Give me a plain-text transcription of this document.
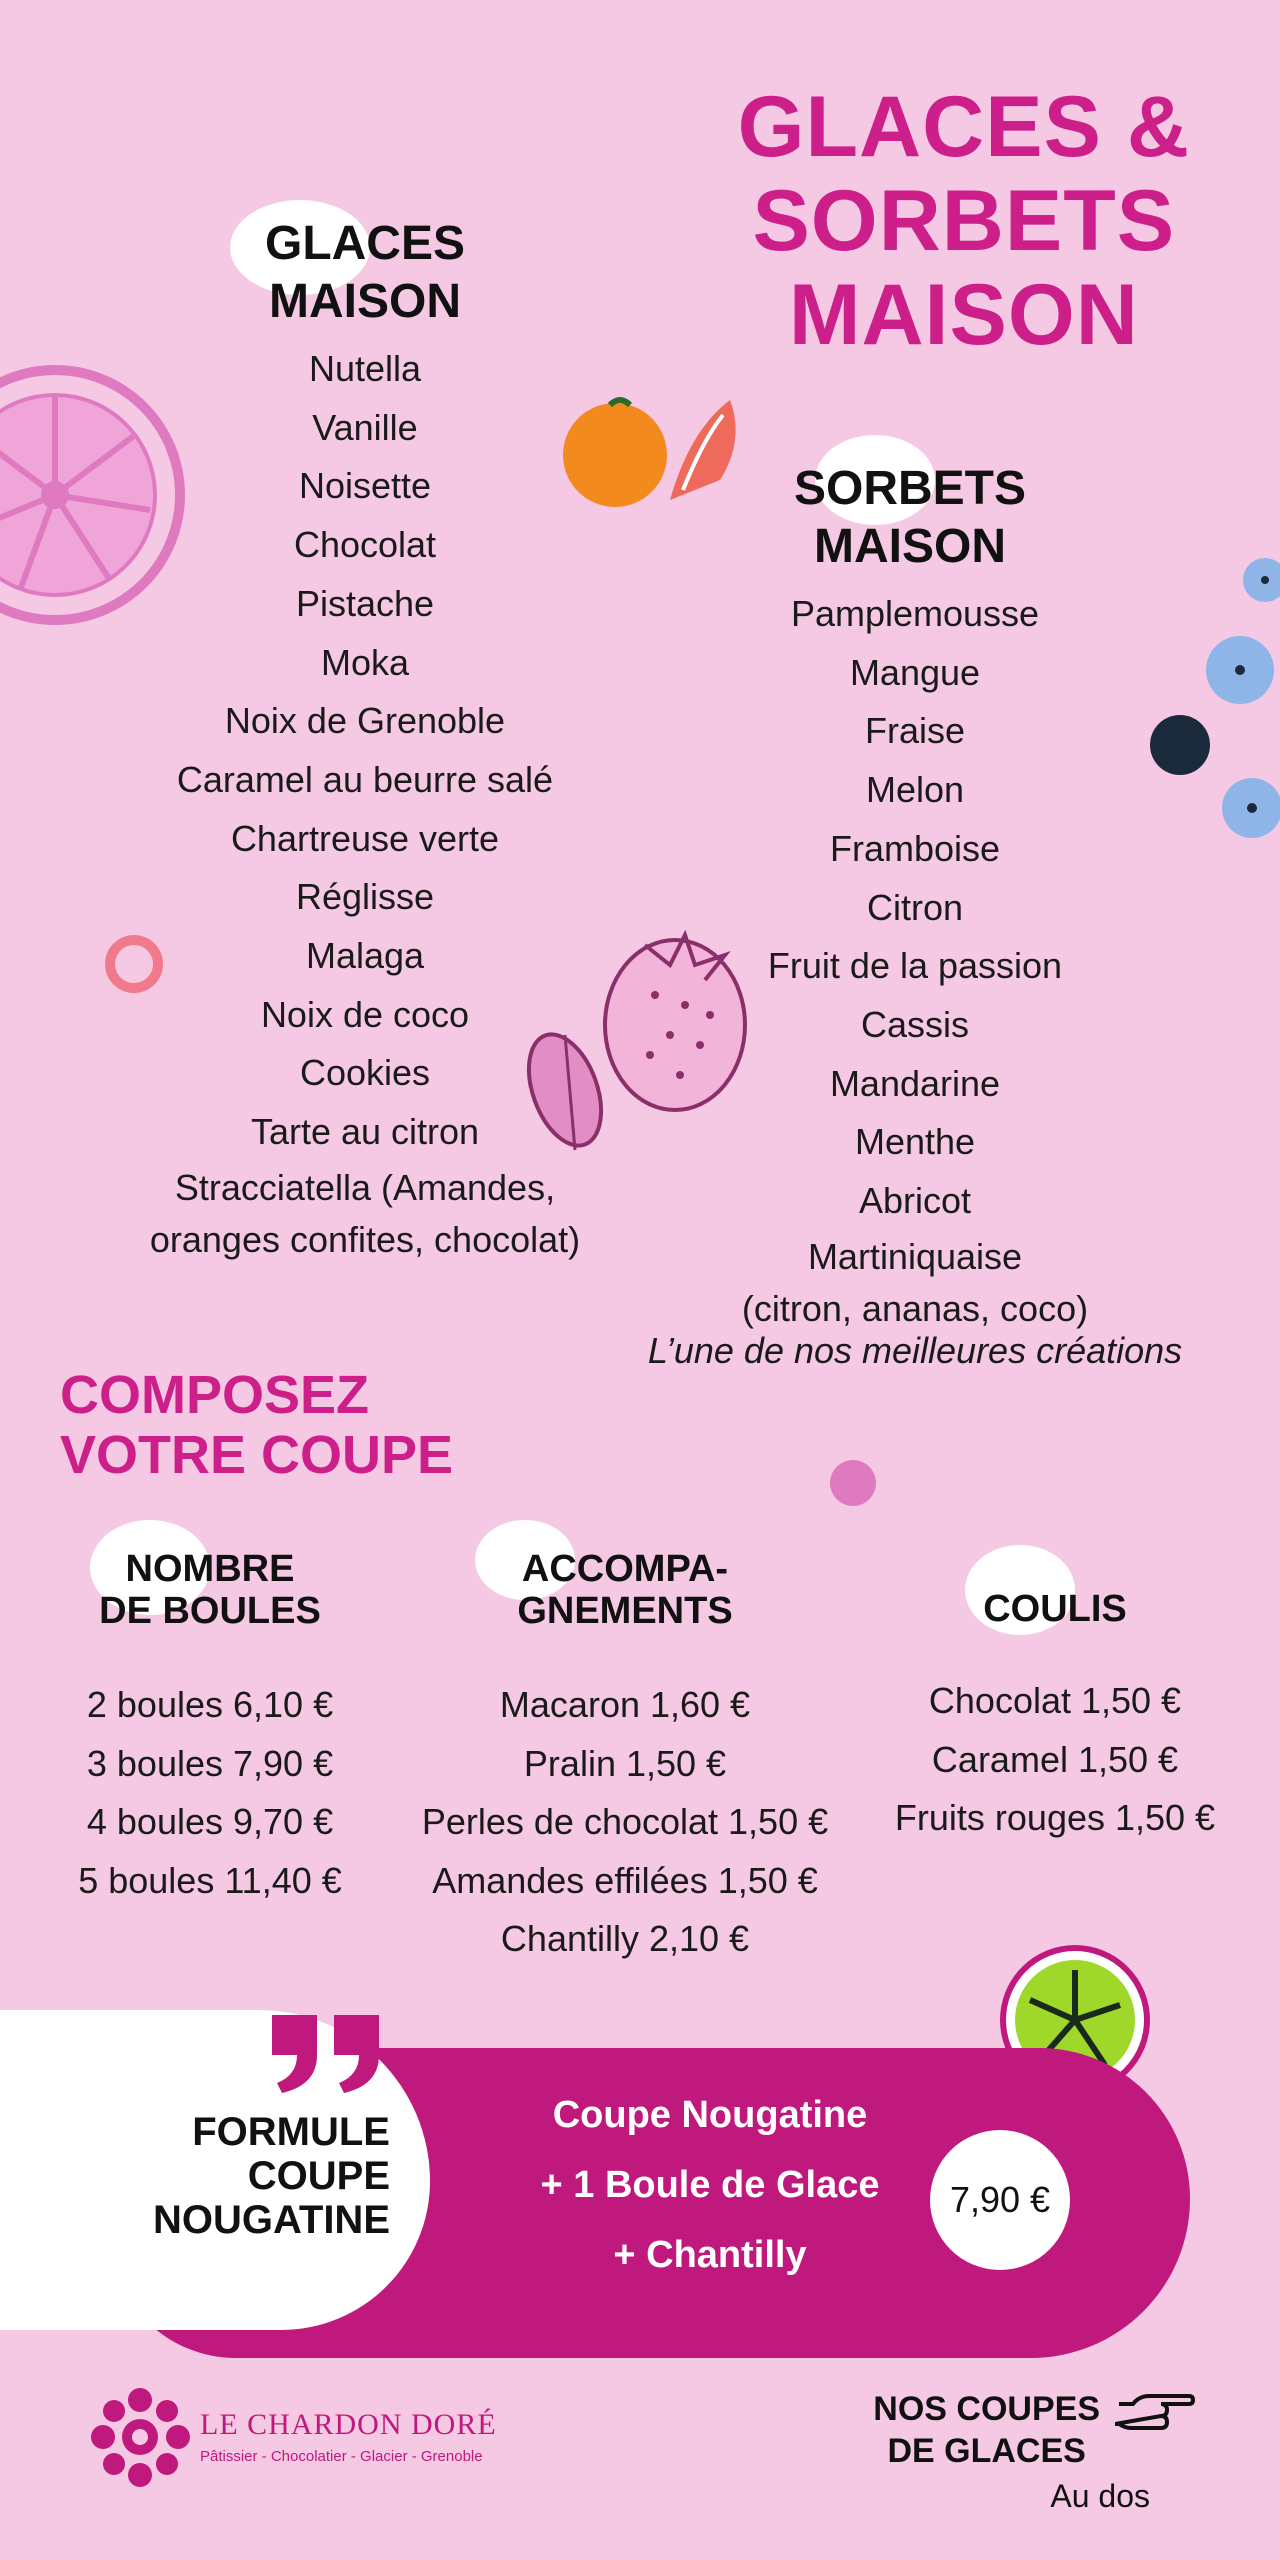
GLACES &
SORBETS
MAISON
GLACES
MAISON
Nutella
Vanille
Noisette
Chocolat
Pistache
Moka
Noix de Grenoble
Caramel au beurre salé
Chartreuse verte
Réglisse
Malaga
Noix de coco
Cookies
Tarte au citron
Stracciatella (Amandes,
oranges confites, chocolat)
SORBETS
MAISON
Pamplemousse
Mangue
Fraise
Melon
Framboise
Citron
Fruit de la passion
Cassis
Mandarine
Menthe
Abricot
Martiniquaise
(citron, ananas, coco)
L’une de nos meilleures créations
COMPOSEZ
VOTRE COUPE
NOMBRE
DE BOULES
2 boules 6,10 €
3 boules 7,90 €
4 boules 9,70 €
5 boules 11,40 €
ACCOMPA-
GNEMENTS
Macaron 1,60 €
Pralin 1,50 €
Perles de chocolat 1,50 €
Amandes effilées 1,50 €
Chantilly 2,10 €
COULIS
Chocolat 1,50 €
Caramel 1,50 €
Fruits rouges 1,50 €
FORMULE
COUPE
NOUGATINE
Coupe Nougatine
+ 1 Boule de Glace
+ Chantilly
7,90 €
LE CHARDON DORÉ
Pâtissier - Chocolatier - Glacier - Grenoble
NOS COUPES
DE GLACES
Au dos
